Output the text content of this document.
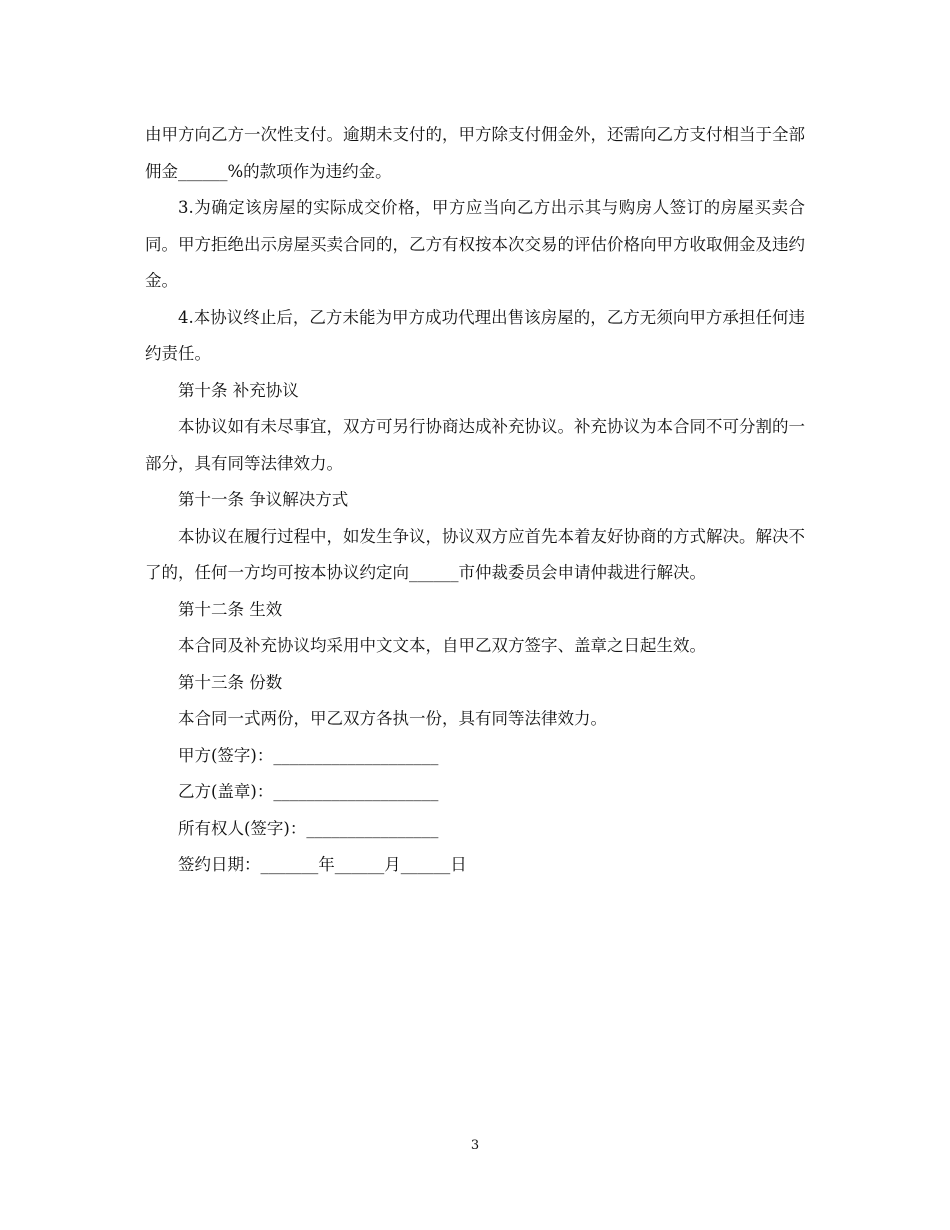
由甲方向乙方一次性支付。逾期未支付的，甲方除支付佣金外，还需向乙方支付相当于全部佣金______%的款项作为违约金。

3.为确定该房屋的实际成交价格，甲方应当向乙方出示其与购房人签订的房屋买卖合同。甲方拒绝出示房屋买卖合同的，乙方有权按本次交易的评估价格向甲方收取佣金及违约金。

4.本协议终止后，乙方未能为甲方成功代理出售该房屋的，乙方无须向甲方承担任何违约责任。

第十条 补充协议

本协议如有未尽事宜，双方可另行协商达成补充协议。补充协议为本合同不可分割的一部分，具有同等法律效力。

第十一条 争议解决方式

本协议在履行过程中，如发生争议，协议双方应首先本着友好协商的方式解决。解决不了的，任何一方均可按本协议约定向______市仲裁委员会申请仲裁进行解决。

第十二条 生效

本合同及补充协议均采用中文文本，自甲乙双方签字、盖章之日起生效。

第十三条 份数

本合同一式两份，甲乙双方各执一份，具有同等法律效力。

甲方(签字)：____________________

乙方(盖章)：____________________

所有权人(签字)：________________

签约日期：_______年______月______日

3
